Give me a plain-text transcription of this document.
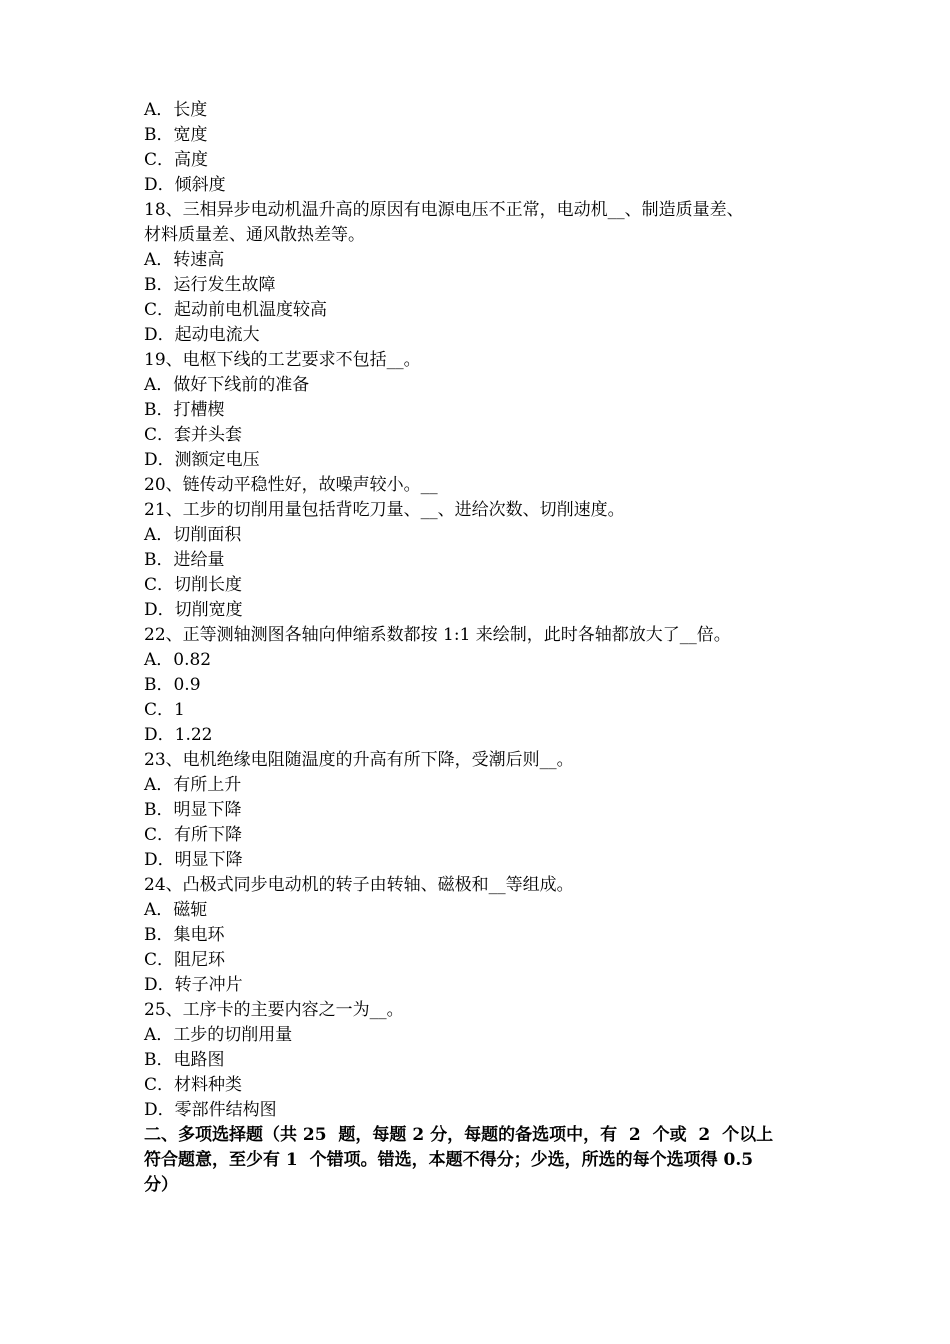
A．长度
B．宽度
C．高度
D．倾斜度
18、三相异步电动机温升高的原因有电源电压不正常，电动机__、制造质量差、
材料质量差、通风散热差等。
A．转速高
B．运行发生故障
C．起动前电机温度较高
D．起动电流大
19、电枢下线的工艺要求不包括__。
A．做好下线前的准备
B．打槽楔
C．套并头套
D．测额定电压
20、链传动平稳性好，故噪声较小。__
21、工步的切削用量包括背吃刀量、__、进给次数、切削速度。
A．切削面积
B．进给量
C．切削长度
D．切削宽度
22、正等测轴测图各轴向伸缩系数都按 1:1 来绘制，此时各轴都放大了__倍。
A．0.82
B．0.9
C．1
D．1.22
23、电机绝缘电阻随温度的升高有所下降，受潮后则__。
A．有所上升
B．明显下降
C．有所下降
D．明显下降
24、凸极式同步电动机的转子由转轴、磁极和__等组成。
A．磁轭
B．集电环
C．阻尼环
D．转子冲片
25、工序卡的主要内容之一为__。
A．工步的切削用量
B．电路图
C．材料种类
D．零部件结构图
二、多项选择题（共 25  题，每题 2 分，每题的备选项中，有  2  个或  2  个以上
符合题意，至少有 1  个错项。错选，本题不得分；少选，所选的每个选项得 0.5
分）
